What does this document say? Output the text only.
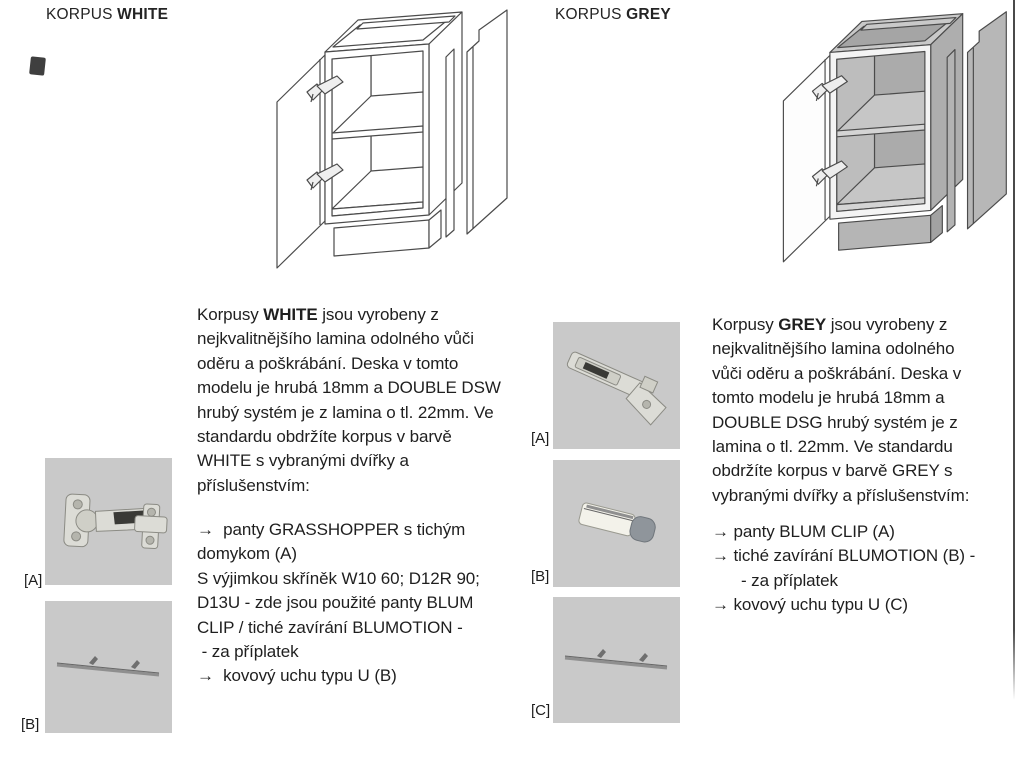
KORPUS WHITE
Korpusy WHITE jsou vyrobeny z
nejkvalitnějšího lamina odolného vůči
oděru a poškrábání. Deska v tomto
modelu je hrubá 18mm a DOUBLE DSW
hrubý systém je z lamina o tl. 22mm. Ve
standardu obdržíte korpus v barvě
WHITE s vybranými dvířky a
příslušenstvím:
→  panty GRASSHOPPER s tichým
domykom (A)
S výjimkou skříněk W10 60; D12R 90;
D13U - zde jsou použité panty BLUM
CLIP / tiché zavírání BLUMOTION -
- za příplatek
→  kovový uchu typu U (B)
[A]
[B]
KORPUS GREY
[A]
[B]
[C]
Korpusy GREY jsou vyrobeny z
nejkvalitnějšího lamina odolného
vůči oděru a poškrábání. Deska v
tomto modelu je hrubá 18mm a
DOUBLE DSG hrubý systém je z
lamina o tl. 22mm. Ve standardu
obdržíte korpus v barvě GREY s
vybranými dvířky a příslušenstvím:
→ panty BLUM CLIP (A)
→ tiché zavírání BLUMOTION (B) -
- za příplatek
→ kovový uchu typu U (C)
